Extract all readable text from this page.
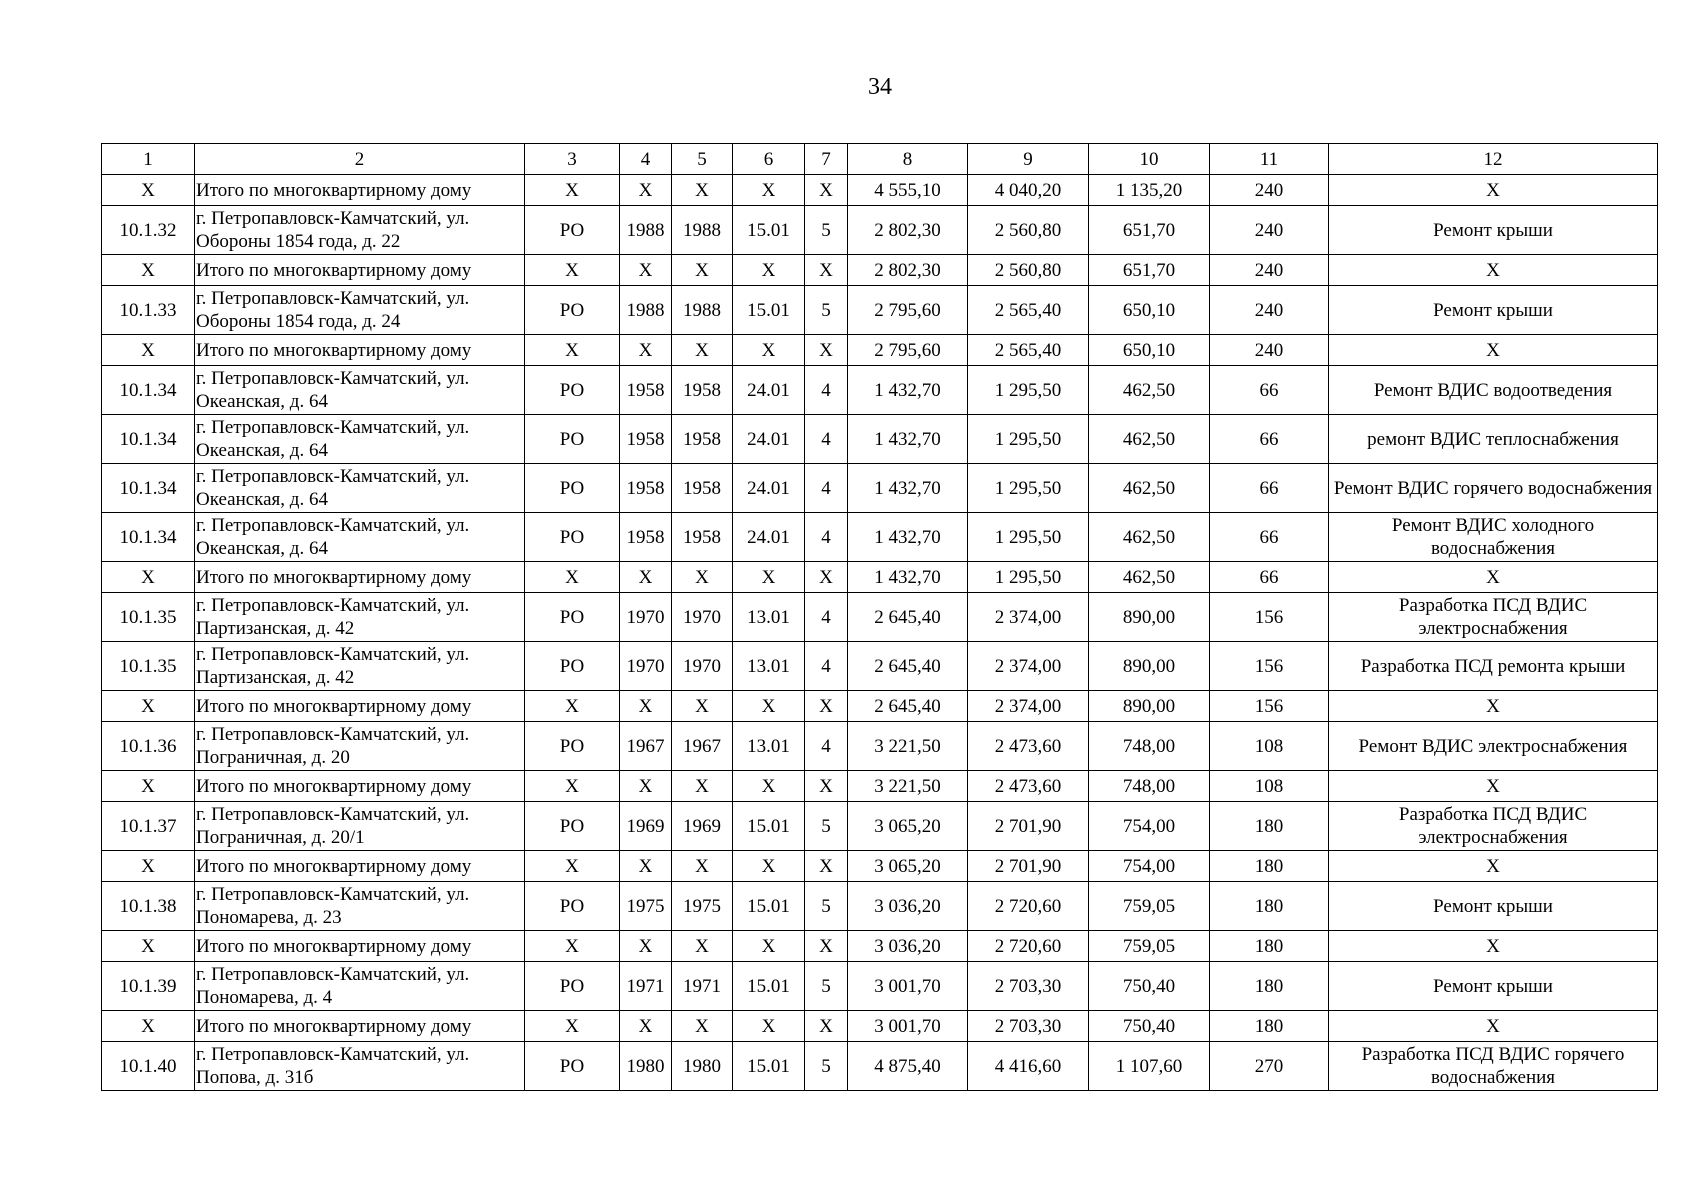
34
1	2	3	4	5	6	7	8	9	10	11	12
X	Итого по многоквартирному дому	X	X	X	X	X	4 555,10	4 040,20	1 135,20	240	X
10.1.32	г. Петропавловск-Камчатский, ул. Обороны 1854 года, д. 22	РО	1988	1988	15.01	5	2 802,30	2 560,80	651,70	240	Ремонт крыши
X	Итого по многоквартирному дому	X	X	X	X	X	2 802,30	2 560,80	651,70	240	X
10.1.33	г. Петропавловск-Камчатский, ул. Обороны 1854 года, д. 24	РО	1988	1988	15.01	5	2 795,60	2 565,40	650,10	240	Ремонт крыши
X	Итого по многоквартирному дому	X	X	X	X	X	2 795,60	2 565,40	650,10	240	X
10.1.34	г. Петропавловск-Камчатский, ул. Океанская, д. 64	РО	1958	1958	24.01	4	1 432,70	1 295,50	462,50	66	Ремонт ВДИС водоотведения
10.1.34	г. Петропавловск-Камчатский, ул. Океанская, д. 64	РО	1958	1958	24.01	4	1 432,70	1 295,50	462,50	66	ремонт ВДИС теплоснабжения
10.1.34	г. Петропавловск-Камчатский, ул. Океанская, д. 64	РО	1958	1958	24.01	4	1 432,70	1 295,50	462,50	66	Ремонт ВДИС горячего водоснабжения
10.1.34	г. Петропавловск-Камчатский, ул. Океанская, д. 64	РО	1958	1958	24.01	4	1 432,70	1 295,50	462,50	66	Ремонт ВДИС холодного водоснабжения
X	Итого по многоквартирному дому	X	X	X	X	X	1 432,70	1 295,50	462,50	66	X
10.1.35	г. Петропавловск-Камчатский, ул. Партизанская, д. 42	РО	1970	1970	13.01	4	2 645,40	2 374,00	890,00	156	Разработка ПСД ВДИС электроснабжения
10.1.35	г. Петропавловск-Камчатский, ул. Партизанская, д. 42	РО	1970	1970	13.01	4	2 645,40	2 374,00	890,00	156	Разработка ПСД ремонта крыши
X	Итого по многоквартирному дому	X	X	X	X	X	2 645,40	2 374,00	890,00	156	X
10.1.36	г. Петропавловск-Камчатский, ул. Пограничная, д. 20	РО	1967	1967	13.01	4	3 221,50	2 473,60	748,00	108	Ремонт ВДИС электроснабжения
X	Итого по многоквартирному дому	X	X	X	X	X	3 221,50	2 473,60	748,00	108	X
10.1.37	г. Петропавловск-Камчатский, ул. Пограничная, д. 20/1	РО	1969	1969	15.01	5	3 065,20	2 701,90	754,00	180	Разработка ПСД ВДИС электроснабжения
X	Итого по многоквартирному дому	X	X	X	X	X	3 065,20	2 701,90	754,00	180	X
10.1.38	г. Петропавловск-Камчатский, ул. Пономарева, д. 23	РО	1975	1975	15.01	5	3 036,20	2 720,60	759,05	180	Ремонт крыши
X	Итого по многоквартирному дому	X	X	X	X	X	3 036,20	2 720,60	759,05	180	X
10.1.39	г. Петропавловск-Камчатский, ул. Пономарева, д. 4	РО	1971	1971	15.01	5	3 001,70	2 703,30	750,40	180	Ремонт крыши
X	Итого по многоквартирному дому	X	X	X	X	X	3 001,70	2 703,30	750,40	180	X
10.1.40	г. Петропавловск-Камчатский, ул. Попова, д. 31б	РО	1980	1980	15.01	5	4 875,40	4 416,60	1 107,60	270	Разработка ПСД ВДИС горячего водоснабжения
